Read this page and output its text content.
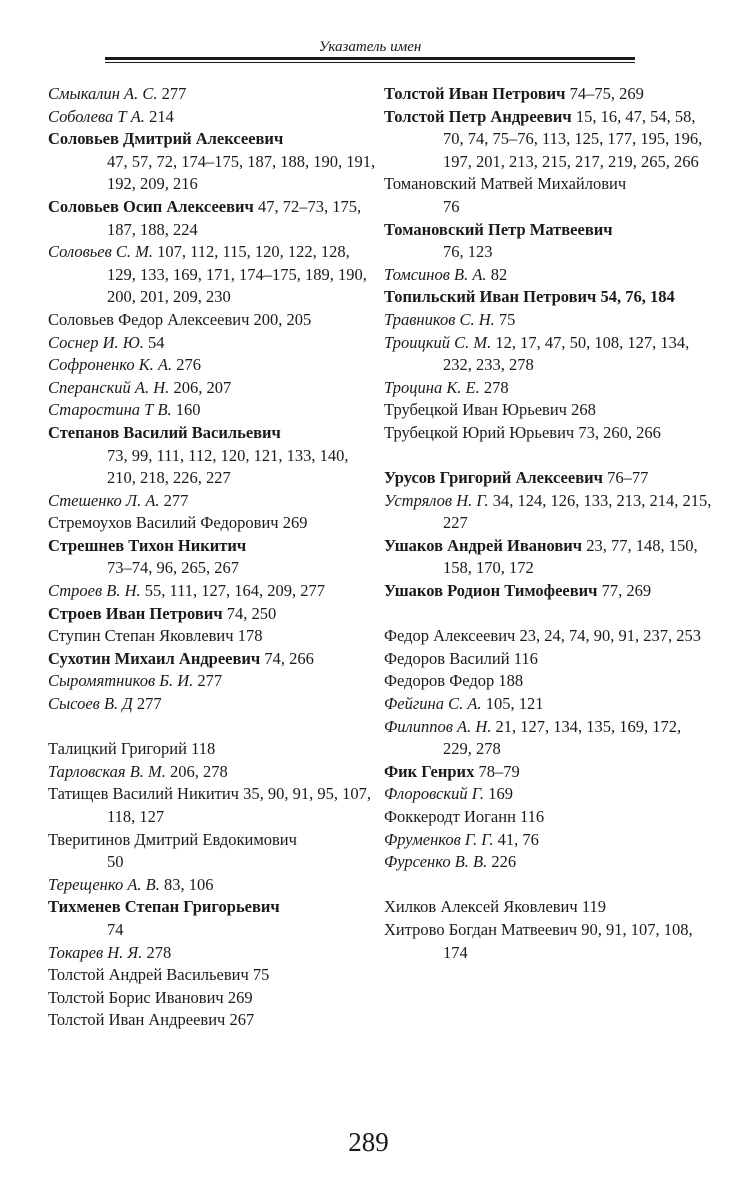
Указатель имен
Смыкалин А. С. 277
Соболева Т А. 214
Соловьев Дмитрий Алексеевич
47, 57, 72, 174–175, 187, 188, 190, 191, 192, 209, 216
Соловьев Осип Алексеевич 47, 72–73, 175, 187, 188, 224
Соловьев С. М. 107, 112, 115, 120, 122, 128, 129, 133, 169, 171, 174–175, 189, 190, 200, 201, 209, 230
Соловьев Федор Алексеевич 200, 205
Соснер И. Ю. 54
Софроненко К. А. 276
Сперанский А. Н. 206, 207
Старостина Т В. 160
Степанов Василий Васильевич
73, 99, 111, 112, 120, 121, 133, 140, 210, 218, 226, 227
Стешенко Л. А. 277
Стремоухов Василий Федорович 269
Стрешнев Тихон Никитич
73–74, 96, 265, 267
Строев В. Н. 55, 111, 127, 164, 209, 277
Строев Иван Петрович 74, 250
Ступин Степан Яковлевич 178
Сухотин Михаил Андреевич 74, 266
Сыромятников Б. И. 277
Сысоев В. Д 277
Талицкий Григорий 118
Тарловская В. М. 206, 278
Татищев Василий Никитич 35, 90, 91, 95, 107, 118, 127
Тверитинов Дмитрий Евдокимович
50
Терещенко А. В. 83, 106
Тихменев Степан Григорьевич
74
Токарев Н. Я. 278
Толстой Андрей Васильевич 75
Толстой Борис Иванович 269
Толстой Иван Андреевич 267
Толстой Иван Петрович 74–75, 269
Толстой Петр Андреевич 15, 16, 47, 54, 58, 70, 74, 75–76, 113, 125, 177, 195, 196, 197, 201, 213, 215, 217, 219, 265, 266
Томановский Матвей Михайлович
76
Томановский Петр Матвеевич
76, 123
Томсинов В. А. 82
Топильский Иван Петрович 54, 76, 184
Травников С. Н. 75
Троицкий С. М. 12, 17, 47, 50, 108, 127, 134, 232, 233, 278
Троцина К. Е. 278
Трубецкой Иван Юрьевич 268
Трубецкой Юрий Юрьевич 73, 260, 266
Урусов Григорий Алексеевич 76–77
Устрялов Н. Г. 34, 124, 126, 133, 213, 214, 215, 227
Ушаков Андрей Иванович 23, 77, 148, 150, 158, 170, 172
Ушаков Родион Тимофеевич 77, 269
Федор Алексеевич 23, 24, 74, 90, 91, 237, 253
Федоров Василий 116
Федоров Федор 188
Фейгина С. А. 105, 121
Филиппов А. Н. 21, 127, 134, 135, 169, 172, 229, 278
Фик Генрих 78–79
Флоровский Г. 169
Фоккеродт Иоганн 116
Фруменков Г. Г. 41, 76
Фурсенко В. В. 226
Хилков Алексей Яковлевич 119
Хитрово Богдан Матвеевич 90, 91, 107, 108, 174
289
